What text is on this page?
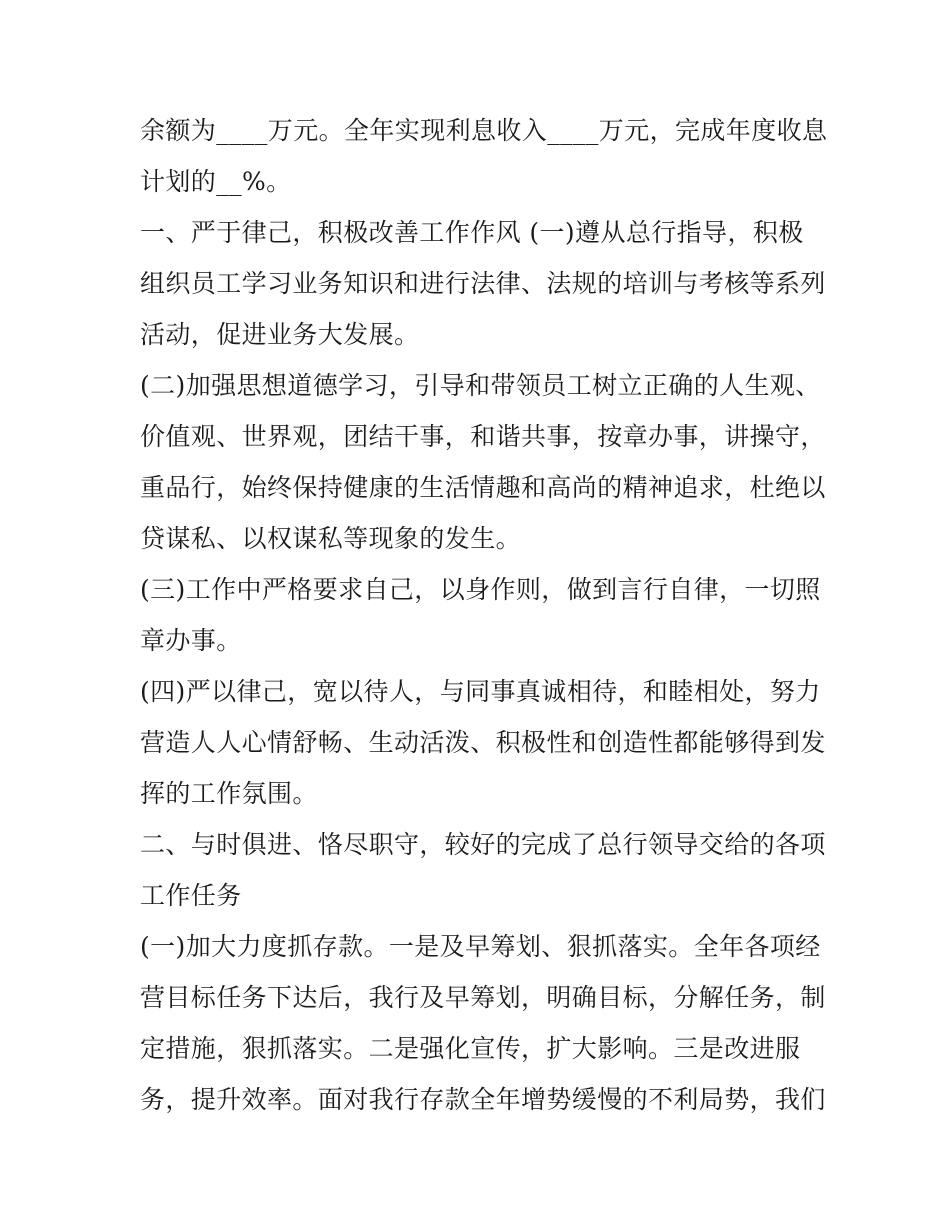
余额为____万元。全年实现利息收入____万元，完成年度收息
计划的__%。
一、严于律己，积极改善工作作风 (一)遵从总行指导，积极
组织员工学习业务知识和进行法律、法规的培训与考核等系列
活动，促进业务大发展。
(二)加强思想道德学习，引导和带领员工树立正确的人生观、
价值观、世界观，团结干事，和谐共事，按章办事，讲操守，
重品行，始终保持健康的生活情趣和高尚的精神追求，杜绝以
贷谋私、以权谋私等现象的发生。
(三)工作中严格要求自己，以身作则，做到言行自律，一切照
章办事。
(四)严以律己，宽以待人，与同事真诚相待，和睦相处，努力
营造人人心情舒畅、生动活泼、积极性和创造性都能够得到发
挥的工作氛围。
二、与时俱进、恪尽职守，较好的完成了总行领导交给的各项
工作任务
(一)加大力度抓存款。一是及早筹划、狠抓落实。全年各项经
营目标任务下达后，我行及早筹划，明确目标，分解任务，制
定措施，狠抓落实。二是强化宣传，扩大影响。三是改进服
务，提升效率。面对我行存款全年增势缓慢的不利局势，我们
